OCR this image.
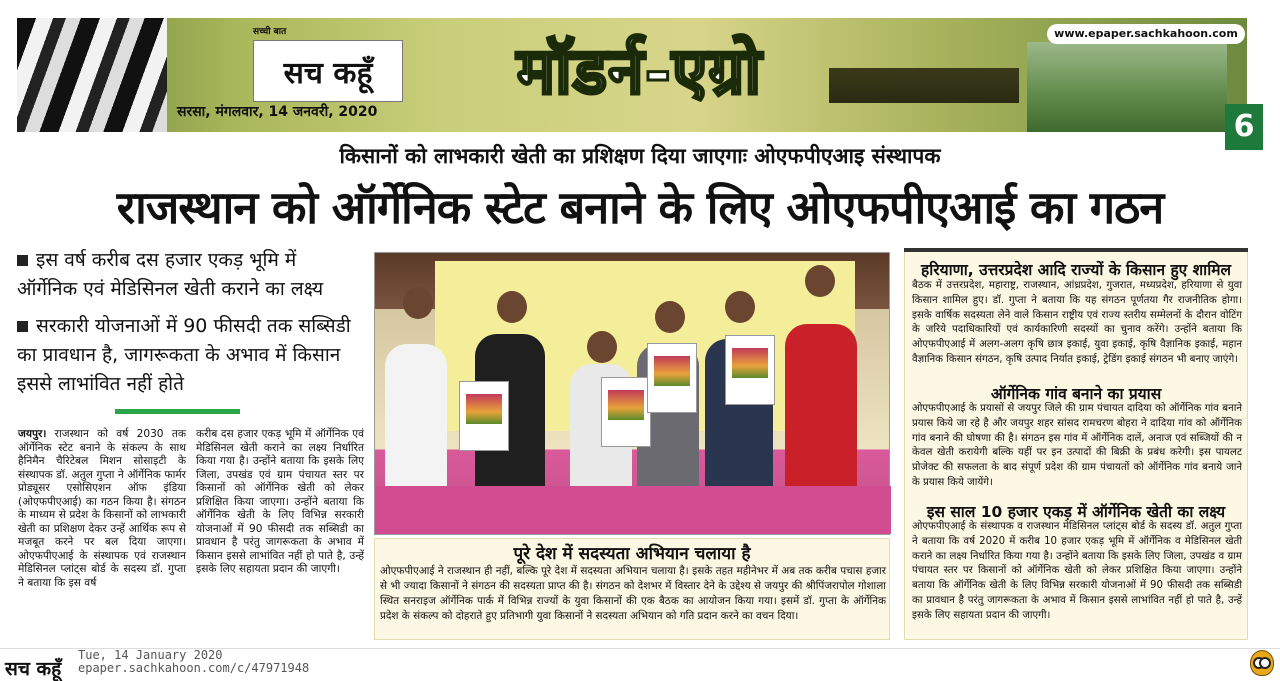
सच्ची बात
सच कहूँ
सरसा, मंगलवार, 14 जनवरी, 2020
मॉडर्न-एग्रो
www.epaper.sachkahoon.com
6
किसानों को लाभकारी खेती का प्रशिक्षण दिया जाएगाः ओएफपीएआइ संस्थापक
राजस्थान को ऑर्गेनिक स्टेट बनाने के लिए ओएफपीएआई का गठन
इस वर्ष करीब दस हजार एकड़ भूमि में ऑर्गेनिक एवं मेडिसिनल खेती कराने का लक्ष्य
सरकारी योजनाओं में 90 फीसदी तक सब्सिडी का प्रावधान है, जागरूकता के अभाव में किसान इससे लाभांवित नहीं होते
जयपुर। राजस्थान को वर्ष 2030 तक ऑर्गेनिक स्टेट बनाने के संकल्प के साथ हैनिमैन चैरिटेबल मिशन सोसाइटी के संस्थापक डॉ. अतुल गुप्ता ने ऑर्गेनिक फार्मर प्रोड्यूसर एसोसिएशन ऑफ इंडिया (ओएफपीएआई) का गठन किया है। संगठन के माध्यम से प्रदेश के किसानों को लाभकारी खेती का प्रशिक्षण देकर उन्हें आर्थिक रूप से मजबूत करने पर बल दिया जाएगा। ओएफपीएआई के संस्थापक एवं राजस्थान मेडिसिनल प्लांट्स बोर्ड के सदस्य डॉ. गुप्ता ने बताया कि इस वर्ष
करीब दस हजार एकड़ भूमि में ऑर्गेनिक एवं मेडिसिनल खेती कराने का लक्ष्य निर्धारित किया गया है। उन्होंने बताया कि इसके लिए जिला, उपखंड एवं ग्राम पंचायत स्तर पर किसानों को ऑर्गेनिक खेती को लेकर प्रशिक्षित किया जाएगा। उन्होंने बताया कि ऑर्गेनिक खेती के लिए विभिन्न सरकारी योजनाओं में 90 फीसदी तक सब्सिडी का प्रावधान है परंतु जागरूकता के अभाव में किसान इससे लाभांवित नहीं हो पाते है, उन्हें इसके लिए सहायता प्रदान की जाएगी।
पूरे देश में सदस्यता अभियान चलाया है
ओएफपीएआई ने राजस्थान ही नहीं, बल्कि पूरे देश में सदस्यता अभियान चलाया है। इसके तहत महीनेभर में अब तक करीब पचास हजार से भी ज्यादा किसानों ने संगठन की सदस्यता प्राप्त की है। संगठन को देशभर में विस्तार देने के उद्देश्य से जयपुर की श्रीपिंजरापोल गोशाला स्थित सनराइज ऑर्गेनिक पार्क में विभिन्न राज्यों के युवा किसानों की एक बैठक का आयोजन किया गया। इसमें डॉ. गुप्ता के ऑर्गेनिक प्रदेश के संकल्प को दोहराते हुए प्रतिभागी युवा किसानों ने सदस्यता अभियान को गति प्रदान करने का वचन दिया।
हरियाणा, उत्तरप्रदेश आदि राज्यों के किसान हुए शामिल
बैठक में उत्तरप्रदेश, महाराष्ट्र, राजस्थान, आंध्रप्रदेश, गुजरात, मध्यप्रदेश, हरियाणा से युवा किसान शामिल हुए। डॉ. गुप्ता ने बताया कि यह संगठन पूर्णतया गैर राजनीतिक होगा। इसके वार्षिक सदस्यता लेने वाले किसान राष्ट्रीय एवं राज्य स्तरीय सम्मेलनों के दौरान वोटिंग के जरिये पदाधिकारियों एवं कार्यकारिणी सदस्यों का चुनाव करेंगे। उन्होंने बताया कि ओएफपीएआई में अलग-अलग कृषि छात्र इकाई, युवा इकाई, कृषि वैज्ञानिक इकाई, महान वैज्ञानिक किसान संगठन, कृषि उत्पाद निर्यात इकाई, ट्रेडिंग इकाई संगठन भी बनाए जाएंगे।
ऑर्गेनिक गांव बनाने का प्रयास
ओएफपीएआई के प्रयासों से जयपुर जिले की ग्राम पंचायत दादिया को ऑर्गेनिक गांव बनाने प्रयास किये जा रहे है और जयपुर शहर सांसद रामचरण बोहरा ने दादिया गांव को ऑर्गेनिक गांव बनाने की घोषणा की है। संगठन इस गांव में ऑर्गेनिक दालें, अनाज एवं सब्जियों की न केवल खेती करायेगी बल्कि यहीं पर इन उत्पादों की बिक्री के प्रबंध करेगी। इस पायलट प्रोजेक्ट की सफलता के बाद संपूर्ण प्रदेश की ग्राम पंचायतों को ऑर्गेनिक गांव बनाये जाने के प्रयास किये जायेंगे।
इस साल 10 हजार एकड़ में ऑर्गेनिक खेती का लक्ष्य
ओएफपीएआई के संस्थापक व राजस्थान मेडिसिनल प्लांट्स बोर्ड के सदस्य डॉ. अतुल गुप्ता ने बताया कि वर्ष 2020 में करीब 10 हजार एकड़ भूमि में ऑर्गेनिक व मेडिसिनल खेती कराने का लक्ष्य निर्धारित किया गया है। उन्होंने बताया कि इसके लिए जिला, उपखंड व ग्राम पंचायत स्तर पर किसानों को ऑर्गेनिक खेती को लेकर प्रशिक्षित किया जाएगा। उन्होंने बताया कि ऑर्गेनिक खेती के लिए विभिन्न सरकारी योजनाओं में 90 फीसदी तक सब्सिडी का प्रावधान है परंतु जागरूकता के अभाव में किसान इससे लाभांवित नहीं हो पाते है, उन्हें इसके लिए सहायता प्रदान की जाएगी।
सच कहूँ
Tue, 14 January 2020
epaper.sachkahoon.com/c/47971948
